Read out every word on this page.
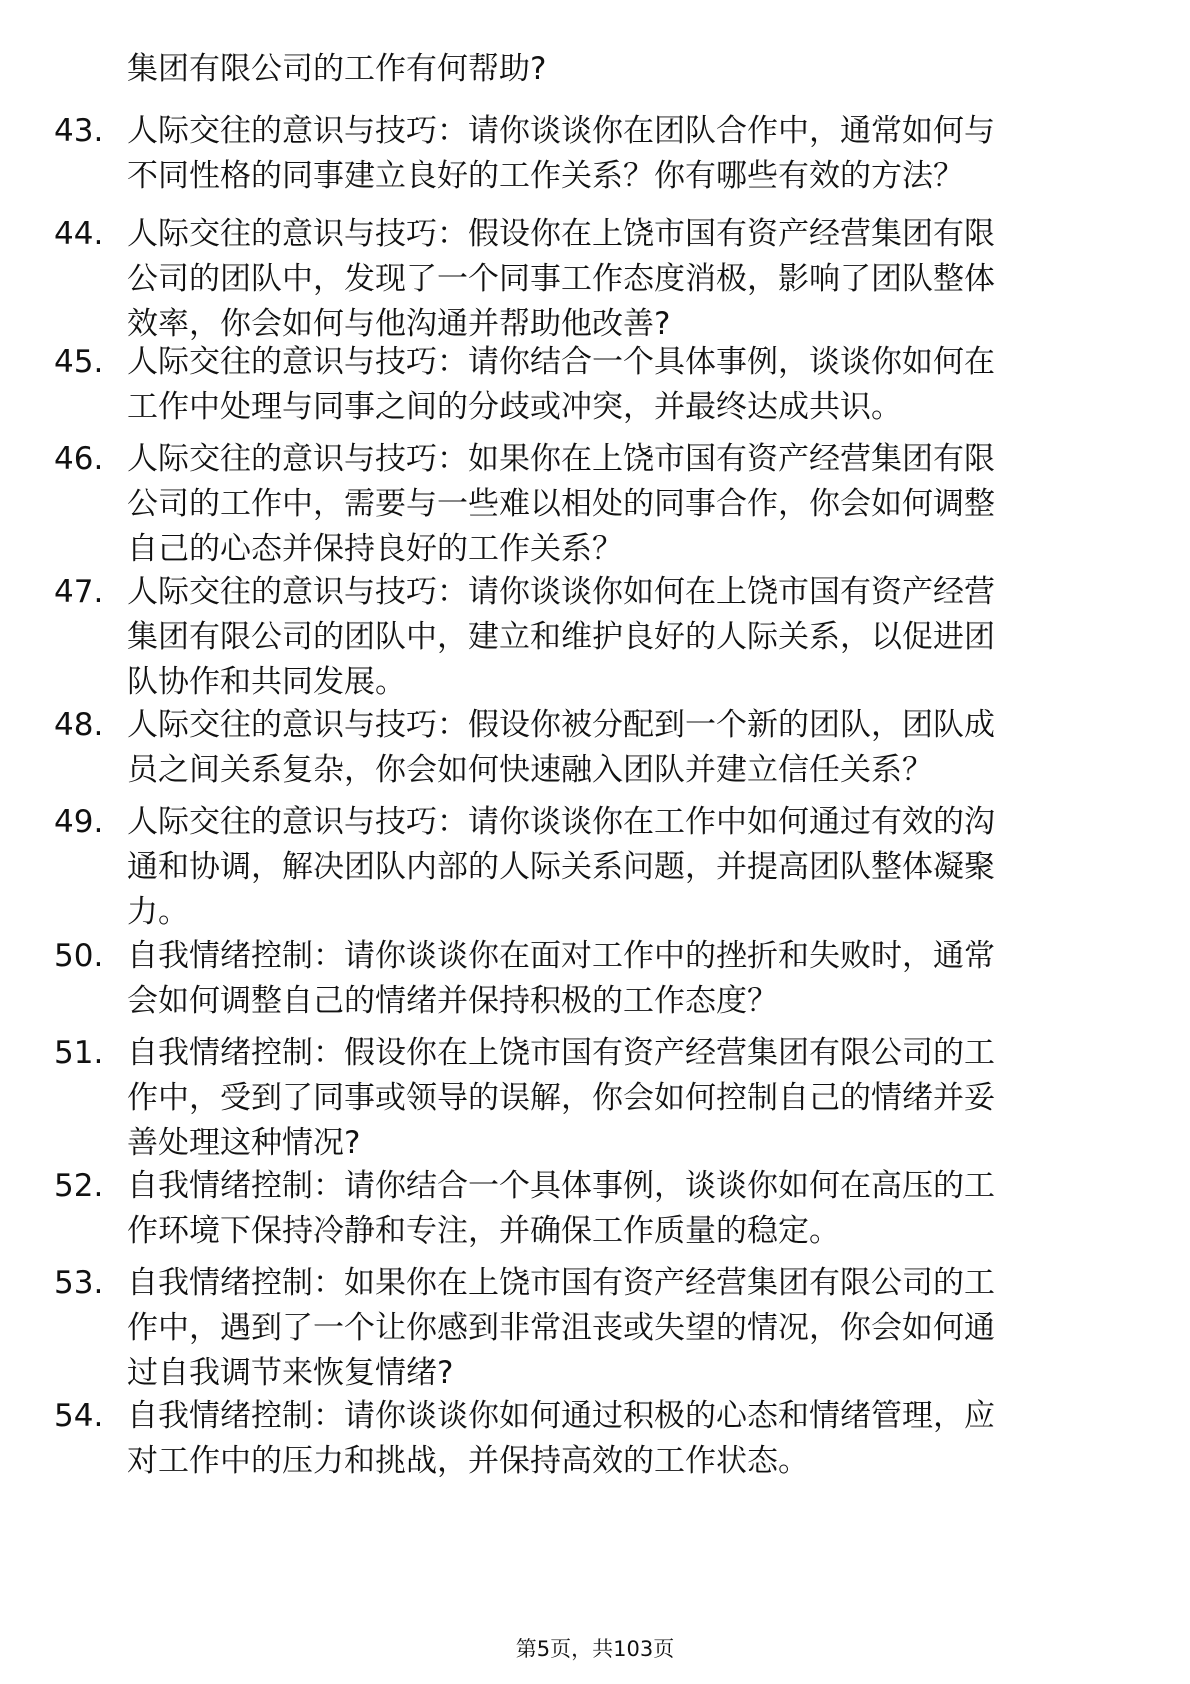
集团有限公司的工作有何帮助?
43. 人际交往的意识与技巧：请你谈谈你在团队合作中，通常如何与
不同性格的同事建立良好的工作关系？你有哪些有效的方法？
44. 人际交往的意识与技巧：假设你在上饶市国有资产经营集团有限
公司的团队中，发现了一个同事工作态度消极，影响了团队整体
效率，你会如何与他沟通并帮助他改善?
45. 人际交往的意识与技巧：请你结合一个具体事例，谈谈你如何在
工作中处理与同事之间的分歧或冲突，并最终达成共识。
46. 人际交往的意识与技巧：如果你在上饶市国有资产经营集团有限
公司的工作中，需要与一些难以相处的同事合作，你会如何调整
自己的心态并保持良好的工作关系？
47. 人际交往的意识与技巧：请你谈谈你如何在上饶市国有资产经营
集团有限公司的团队中，建立和维护良好的人际关系，以促进团
队协作和共同发展。
48. 人际交往的意识与技巧：假设你被分配到一个新的团队，团队成
员之间关系复杂，你会如何快速融入团队并建立信任关系？
49. 人际交往的意识与技巧：请你谈谈你在工作中如何通过有效的沟
通和协调，解决团队内部的人际关系问题，并提高团队整体凝聚
力。
50. 自我情绪控制：请你谈谈你在面对工作中的挫折和失败时，通常
会如何调整自己的情绪并保持积极的工作态度？
51. 自我情绪控制：假设你在上饶市国有资产经营集团有限公司的工
作中，受到了同事或领导的误解，你会如何控制自己的情绪并妥
善处理这种情况?
52. 自我情绪控制：请你结合一个具体事例，谈谈你如何在高压的工
作环境下保持冷静和专注，并确保工作质量的稳定。
53. 自我情绪控制：如果你在上饶市国有资产经营集团有限公司的工
作中，遇到了一个让你感到非常沮丧或失望的情况，你会如何通
过自我调节来恢复情绪?
54. 自我情绪控制：请你谈谈你如何通过积极的心态和情绪管理，应
对工作中的压力和挑战，并保持高效的工作状态。
第5页，共103页
